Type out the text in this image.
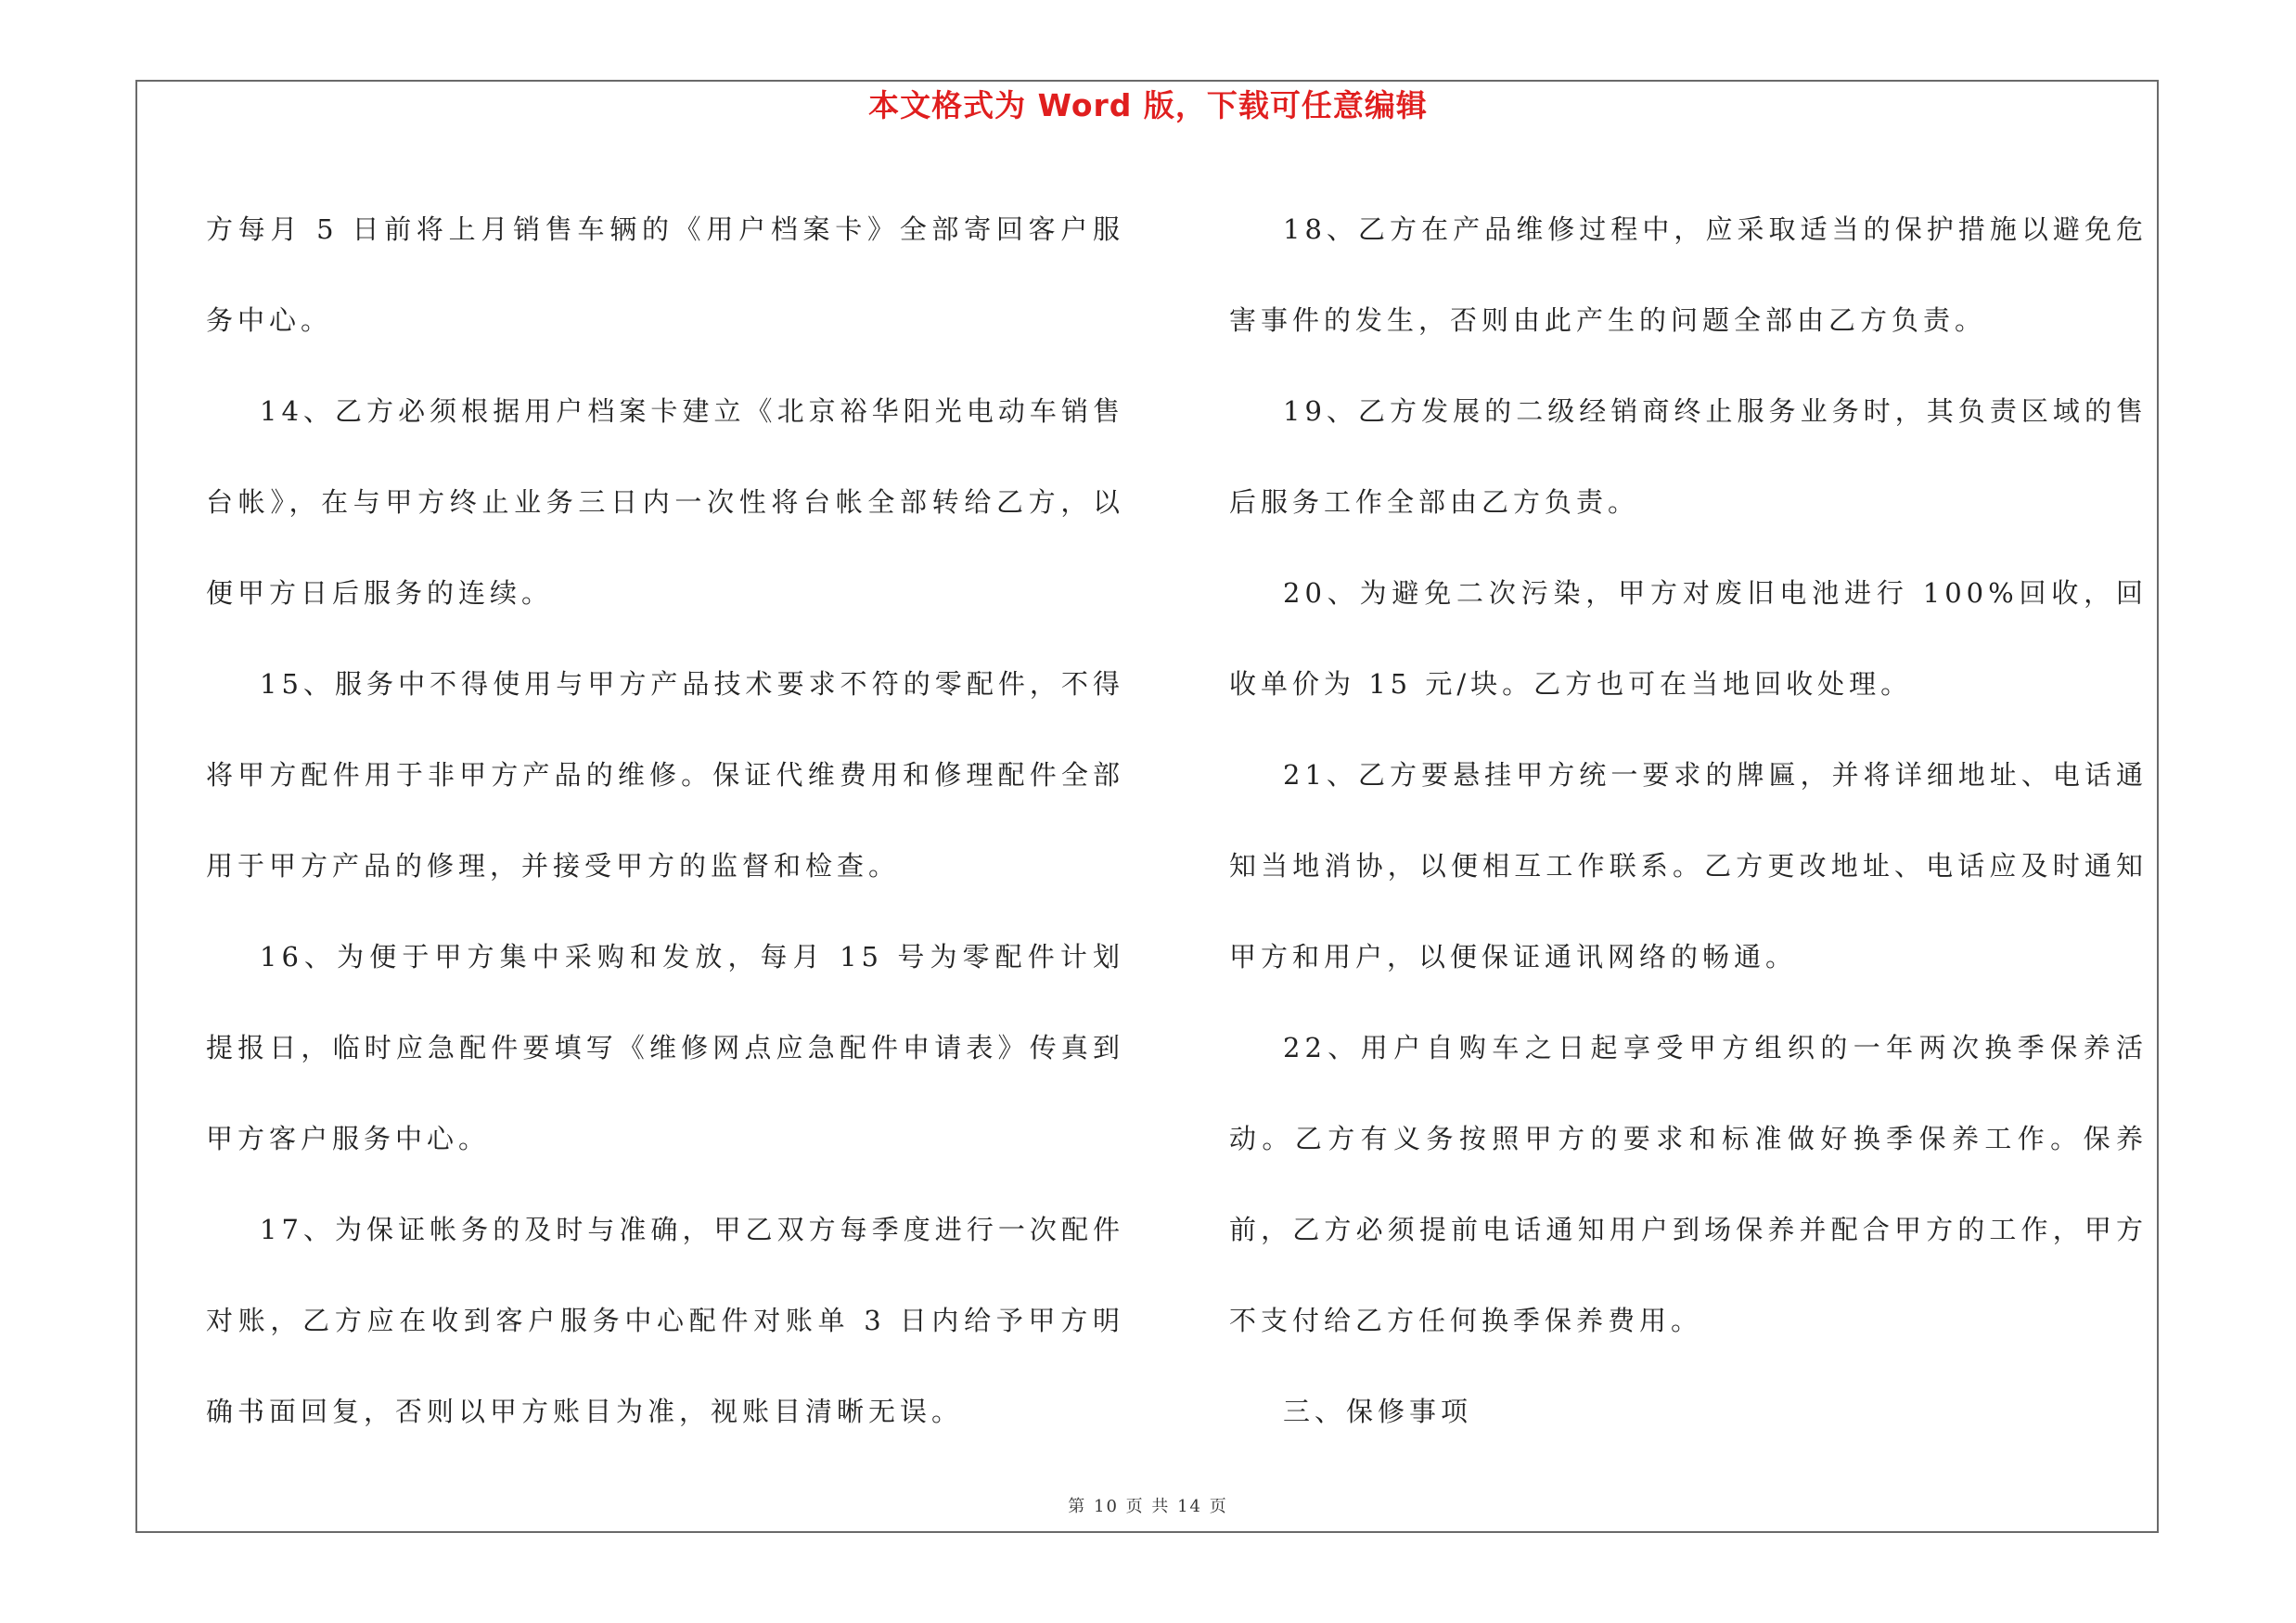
本文格式为 Word 版，下载可任意编辑

方每月 5 日前将上月销售车辆的《用户档案卡》全部寄回客户服务中心。

14、乙方必须根据用户档案卡建立《北京裕华阳光电动车销售台帐》，在与甲方终止业务三日内一次性将台帐全部转给乙方，以便甲方日后服务的连续。

15、服务中不得使用与甲方产品技术要求不符的零配件，不得将甲方配件用于非甲方产品的维修。保证代维费用和修理配件全部用于甲方产品的修理，并接受甲方的监督和检查。

16、为便于甲方集中采购和发放，每月 15 号为零配件计划提报日，临时应急配件要填写《维修网点应急配件申请表》传真到甲方客户服务中心。

17、为保证帐务的及时与准确，甲乙双方每季度进行一次配件对账，乙方应在收到客户服务中心配件对账单 3 日内给予甲方明确书面回复，否则以甲方账目为准，视账目清晰无误。

18、乙方在产品维修过程中，应采取适当的保护措施以避免危害事件的发生，否则由此产生的问题全部由乙方负责。

19、乙方发展的二级经销商终止服务业务时，其负责区域的售后服务工作全部由乙方负责。

20、为避免二次污染，甲方对废旧电池进行 100%回收，回收单价为 15 元/块。乙方也可在当地回收处理。

21、乙方要悬挂甲方统一要求的牌匾，并将详细地址、电话通知当地消协，以便相互工作联系。乙方更改地址、电话应及时通知甲方和用户，以便保证通讯网络的畅通。

22、用户自购车之日起享受甲方组织的一年两次换季保养活动。乙方有义务按照甲方的要求和标准做好换季保养工作。保养前，乙方必须提前电话通知用户到场保养并配合甲方的工作，甲方不支付给乙方任何换季保养费用。

三、保修事项

第 10 页 共 14 页
